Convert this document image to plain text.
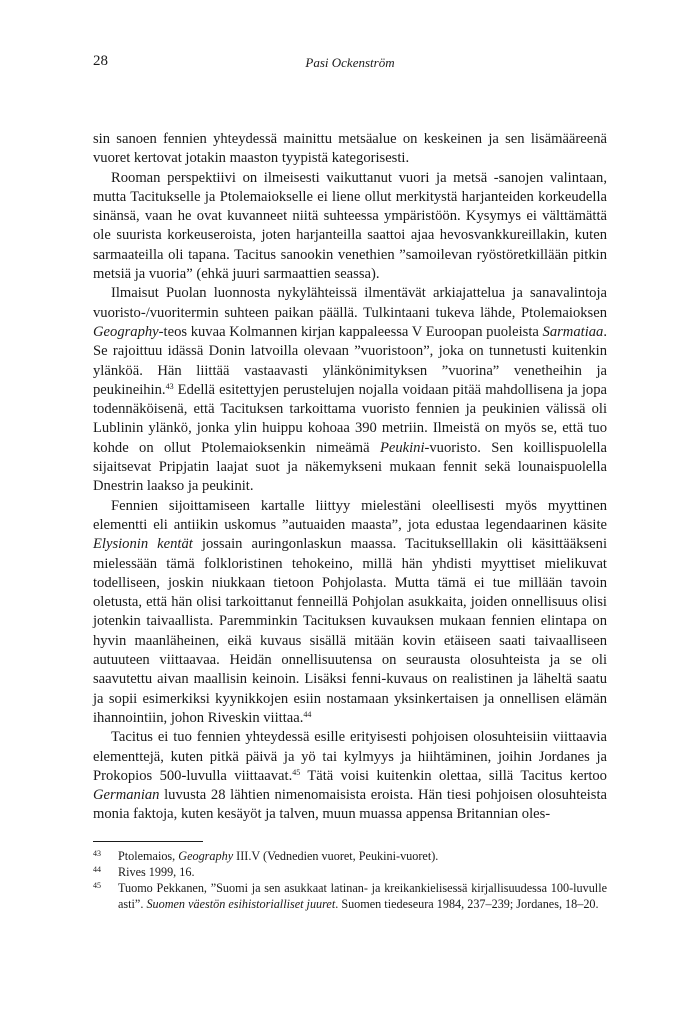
28	Pasi Ockenström

sin sanoen fennien yhteydessä mainittu metsäalue on keskeinen ja sen lisämääreenä vuoret kertovat jotakin maaston tyypistä kategorisesti.

Rooman perspektiivi on ilmeisesti vaikuttanut vuori ja metsä -sanojen valintaan, mutta Tacitukselle ja Ptolemaiokselle ei liene ollut merkitystä harjanteiden korkeudella sinänsä, vaan he ovat kuvanneet niitä suhteessa ympäristöön. Kysymys ei välttämättä ole suurista korkeuseroista, joten harjanteilla saattoi ajaa hevosvankkureillakin, kuten sarmaateilla oli tapana. Tacitus sanookin venethien ”samoilevan ryöstöretkillään pitkin metsiä ja vuoria” (ehkä juuri sarmaattien seassa).

Ilmaisut Puolan luonnosta nykylähteissä ilmentävät arkiajattelua ja sanavalintoja vuoristo-/vuoritermin suhteen paikan päällä. Tulkintaani tukeva lähde, Ptolemaioksen Geography-teos kuvaa Kolmannen kirjan kappaleessa V Euroopan puoleista Sarmatiaa. Se rajoittuu idässä Donin latvoilla olevaan ”vuoristoon”, joka on tunnetusti kuitenkin ylänköä. Hän liittää vastaavasti ylänkönimityksen ”vuorina” venetheihin ja peukineihin.$^{43}$ Edellä esitettyjen perustelujen nojalla voidaan pitää mahdollisena ja jopa todennäköisenä, että Tacituksen tarkoittama vuoristo fennien ja peukinien välissä oli Lublinin ylänkö, jonka ylin huippu kohoaa 390 metriin. Ilmeistä on myös se, että tuo kohde on ollut Ptolemaioksenkin nimeämä Peukini-vuoristo. Sen koillispuolella sijaitsevat Pripjatin laajat suot ja näkemykseni mukaan fennit sekä lounaispuolella Dnestrin laakso ja peukinit.

Fennien sijoittamiseen kartalle liittyy mielestäni oleellisesti myös myyttinen elementti eli antiikin uskomus ”autuaiden maasta”, jota edustaa legendaarinen käsite Elysionin kentät jossain auringonlaskun maassa. Tacitukselllakin oli käsittääkseni mielessään tämä folkloristinen tehokeino, millä hän yhdisti myyttiset mielikuvat todelliseen, joskin niukkaan tietoon Pohjolasta. Mutta tämä ei tue millään tavoin oletusta, että hän olisi tarkoittanut fenneillä Pohjolan asukkaita, joiden onnellisuus olisi jotenkin taivaallista. Paremminkin Tacituksen kuvauksen mukaan fennien elintapa on hyvin maanläheinen, eikä kuvaus sisällä mitään kovin etäiseen saati taivaalliseen autuuteen viittaavaa. Heidän onnellisuutensa on seurausta olosuhteista ja se oli saavutettu aivan maallisin keinoin. Lisäksi fenni-kuvaus on realistinen ja läheltä saatu ja sopii esimerkiksi kyynikkojen esiin nostamaan yksinkertaisen ja onnellisen elämän ihannointiin, johon Riveskin viittaa.$^{44}$

Tacitus ei tuo fennien yhteydessä esille erityisesti pohjoisen olosuhteisiin viittaavia elementtejä, kuten pitkä päivä ja yö tai kylmyys ja hiihtäminen, joihin Jordanes ja Prokopios 500-luvulla viittaavat.$^{45}$ Tätä voisi kuitenkin olettaa, sillä Tacitus kertoo Germanian luvusta 28 lähtien nimenomaisista eroista. Hän tiesi pohjoisen olosuhteista monia faktoja, kuten kesäyöt ja talven, muun muassa appensa Britannian oles-

43 Ptolemaios, Geography III.V (Vednedien vuoret, Peukini-vuoret).
44 Rives 1999, 16.
45 Tuomo Pekkanen, ”Suomi ja sen asukkaat latinan- ja kreikankielisessä kirjallisuudessa 100-luvulle asti”. Suomen väestön esihistorialliset juuret. Suomen tiedeseura 1984, 237–239; Jordanes, 18–20.
